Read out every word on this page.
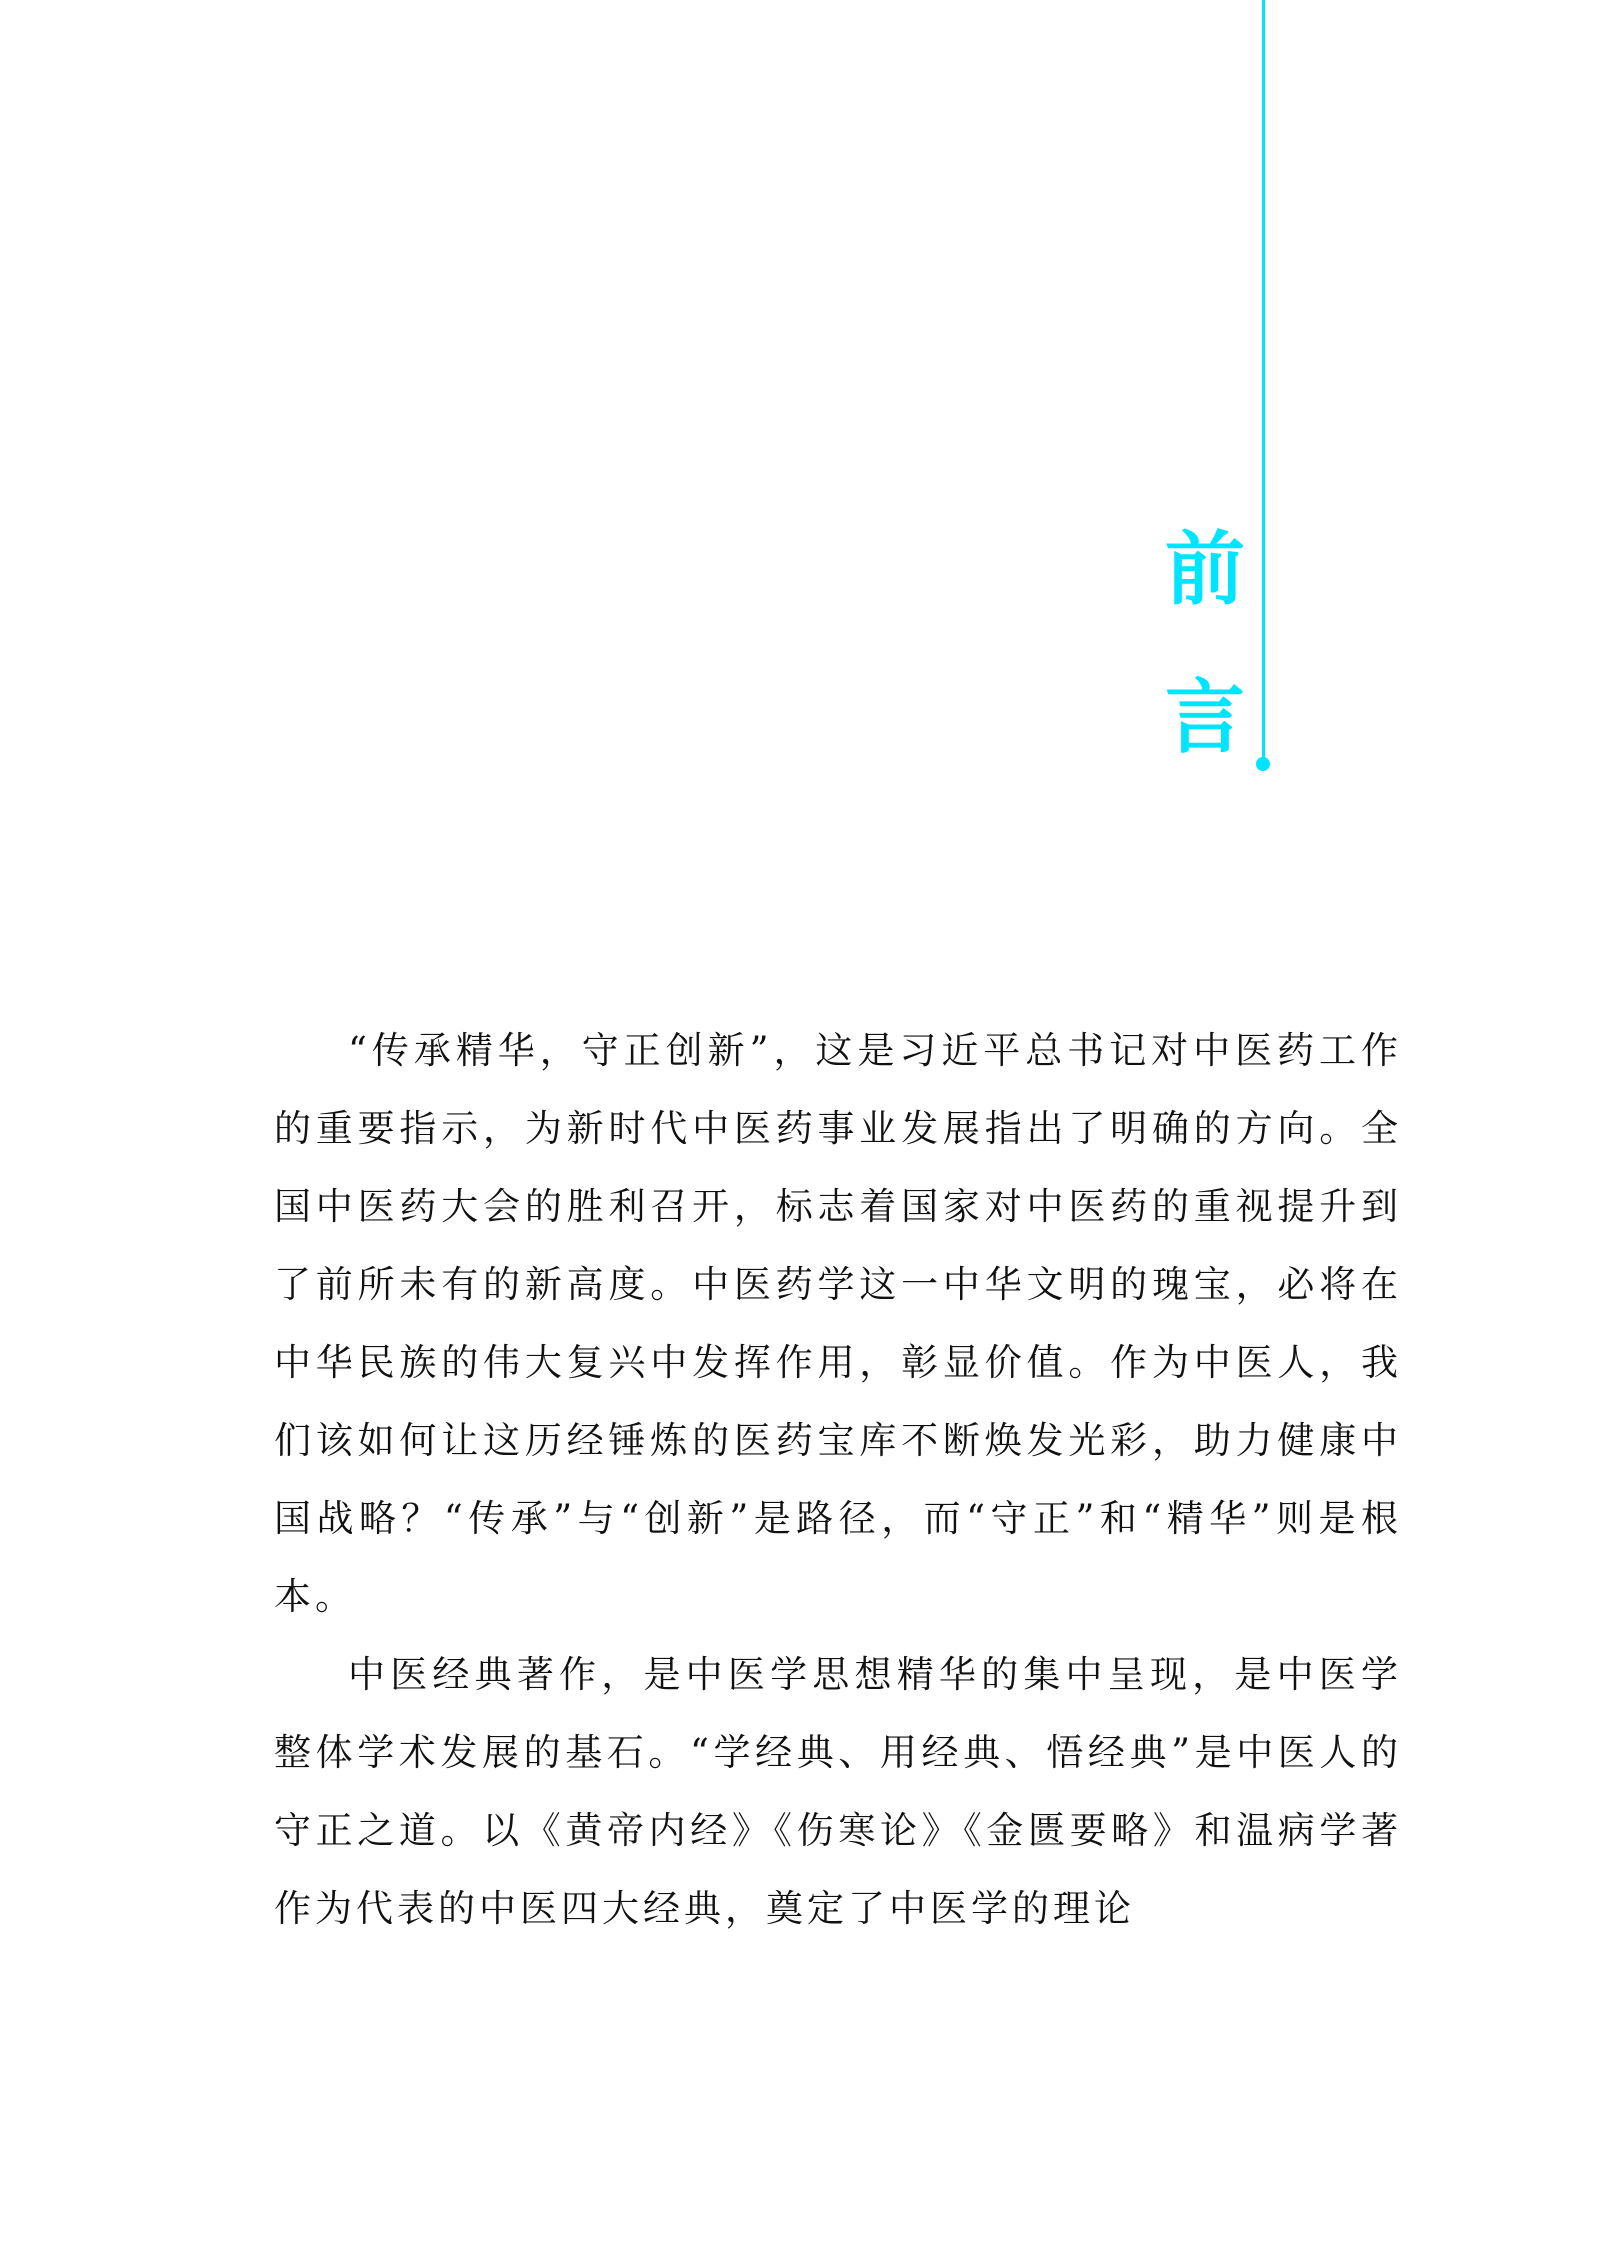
前
言

“传承精华，守正创新”，这是习近平总书记对中医药工作的重要指示，为新时代中医药事业发展指出了明确的方向。全国中医药大会的胜利召开，标志着国家对中医药的重视提升到了前所未有的新高度。中医药学这一中华文明的瑰宝，必将在中华民族的伟大复兴中发挥作用，彰显价值。作为中医人，我们该如何让这历经锤炼的医药宝库不断焕发光彩，助力健康中国战略？“传承”与“创新”是路径，而“守正”和“精华”则是根本。

中医经典著作，是中医学思想精华的集中呈现，是中医学整体学术发展的基石。“学经典、用经典、悟经典”是中医人的守正之道。以《黄帝内经》《伤寒论》《金匮要略》和温病学著作为代表的中医四大经典，奠定了中医学的理论
